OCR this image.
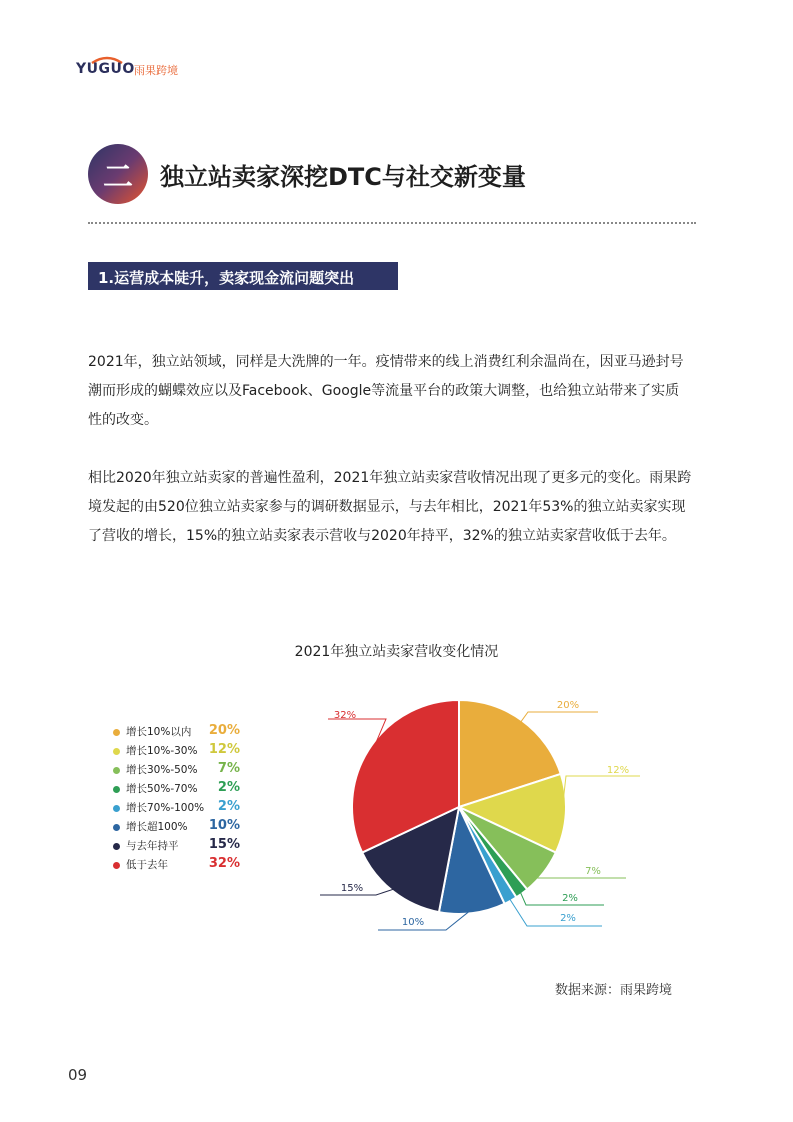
YUGUO 雨果跨境
二	独立站卖家深挖DTC与社交新变量
1.运营成本陡升，卖家现金流问题突出

2021年，独立站领域，同样是大洗牌的一年。疫情带来的线上消费红利余温尚在，因亚马逊封号潮而形成的蝴蝶效应以及Facebook、Google等流量平台的政策大调整，也给独立站带来了实质性的改变。

相比2020年独立站卖家的普遍性盈利，2021年独立站卖家营收情况出现了更多元的变化。雨果跨境发起的由520位独立站卖家参与的调研数据显示，与去年相比，2021年53%的独立站卖家实现了营收的增长，15%的独立站卖家表示营收与2020年持平，32%的独立站卖家营收低于去年。

2021年独立站卖家营收变化情况
增长10%以内 20%
增长10%-30% 12%
增长30%-50% 7%
增长50%-70% 2%
增长70%-100% 2%
增长超100% 10%
与去年持平 15%
低于去年	32%
20%
12%
7%
2%
2%
10%
15%
32%
数据来源：雨果跨境
09
